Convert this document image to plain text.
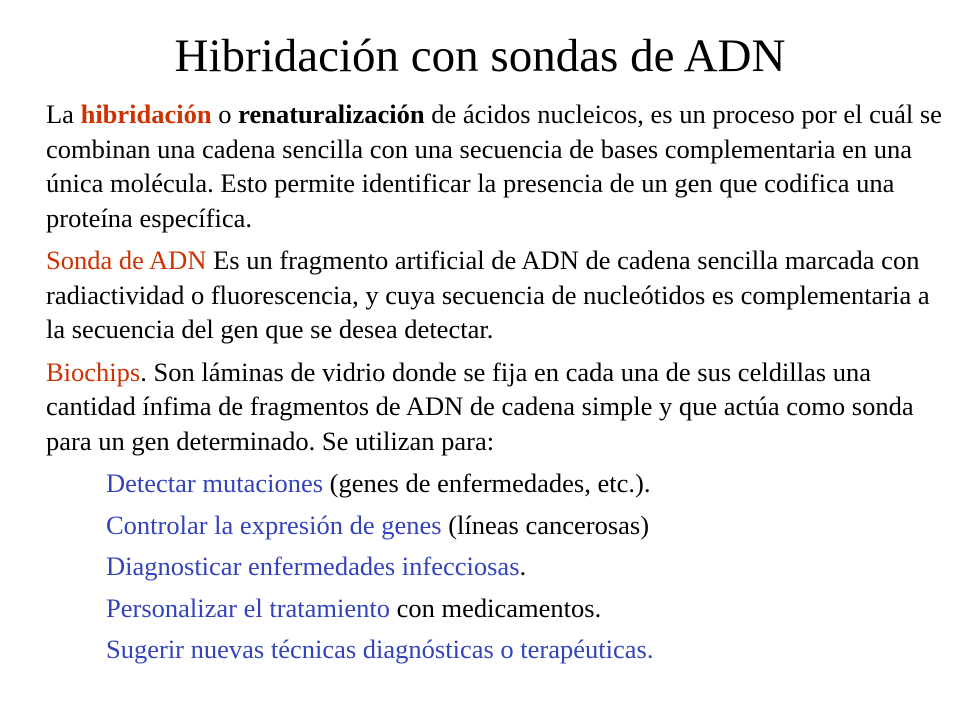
Hibridación con sondas de ADN

La hibridación o renaturalización de ácidos nucleicos, es un proceso por el cuál se combinan una cadena sencilla con una secuencia de bases complementaria en una única molécula. Esto permite identificar la presencia de un gen que codifica una proteína específica.

Sonda de ADN Es un fragmento artificial de ADN de cadena sencilla marcada con radiactividad o fluorescencia, y cuya secuencia de nucleótidos es complementaria a la secuencia del gen que se desea detectar.

Biochips. Son láminas de vidrio donde se fija en cada una de sus celdillas una cantidad ínfima de fragmentos de ADN de cadena simple y que actúa como sonda para un gen determinado. Se utilizan para:

Detectar mutaciones (genes de enfermedades, etc.).
Controlar la expresión de genes (líneas cancerosas)
Diagnosticar enfermedades infecciosas.
Personalizar el tratamiento con medicamentos.
Sugerir nuevas técnicas diagnósticas o terapéuticas.
